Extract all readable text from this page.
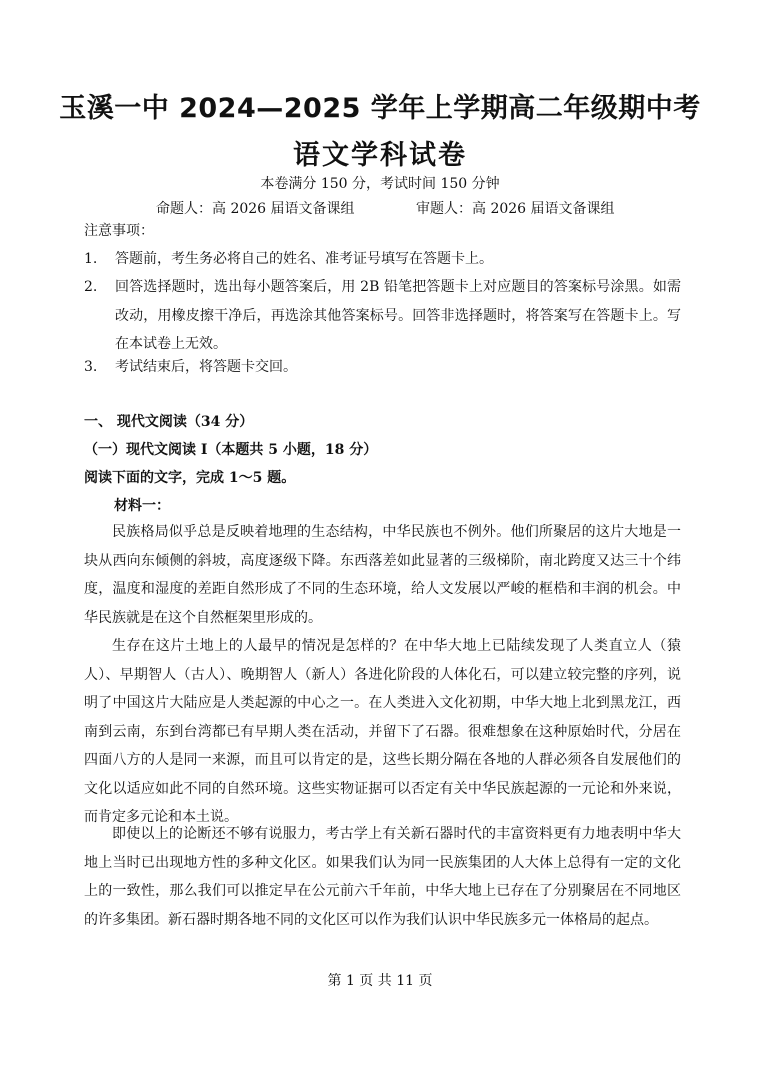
玉溪一中 2024—2025 学年上学期高二年级期中考
语文学科试卷
本卷满分 150 分，考试时间 150 分钟
命题人：高 2026 届语文备课组	审题人：高 2026 届语文备课组
注意事项：
1. 答题前，考生务必将自己的姓名、准考证号填写在答题卡上。
2. 回答选择题时，选出每小题答案后，用 2B 铅笔把答题卡上对应题目的答案标号涂黑。如需改动，用橡皮擦干净后，再选涂其他答案标号。回答非选择题时，将答案写在答题卡上。写在本试卷上无效。
3. 考试结束后，将答题卡交回。
一、 现代文阅读（34 分）
（一）现代文阅读 I（本题共 5 小题，18 分）
阅读下面的文字，完成 1～5 题。
材料一：
民族格局似乎总是反映着地理的生态结构，中华民族也不例外。他们所聚居的这片大地是一块从西向东倾侧的斜坡，高度逐级下降。东西落差如此显著的三级梯阶，南北跨度又达三十个纬度，温度和湿度的差距自然形成了不同的生态环境，给人文发展以严峻的框梏和丰润的机会。中华民族就是在这个自然框架里形成的。
生存在这片土地上的人最早的情况是怎样的？在中华大地上已陆续发现了人类直立人（猿人）、早期智人（古人）、晚期智人（新人）各进化阶段的人体化石，可以建立较完整的序列，说明了中国这片大陆应是人类起源的中心之一。在人类进入文化初期，中华大地上北到黑龙江，西南到云南，东到台湾都已有早期人类在活动，并留下了石器。很难想象在这种原始时代，分居在四面八方的人是同一来源，而且可以肯定的是，这些长期分隔在各地的人群必须各自发展他们的文化以适应如此不同的自然环境。这些实物证据可以否定有关中华民族起源的一元论和外来说，而肯定多元论和本土说。
即使以上的论断还不够有说服力，考古学上有关新石器时代的丰富资料更有力地表明中华大地上当时已出现地方性的多种文化区。如果我们认为同一民族集团的人大体上总得有一定的文化上的一致性，那么我们可以推定早在公元前六千年前，中华大地上已存在了分别聚居在不同地区的许多集团。新石器时期各地不同的文化区可以作为我们认识中华民族多元一体格局的起点。
第 1 页 共 11 页
